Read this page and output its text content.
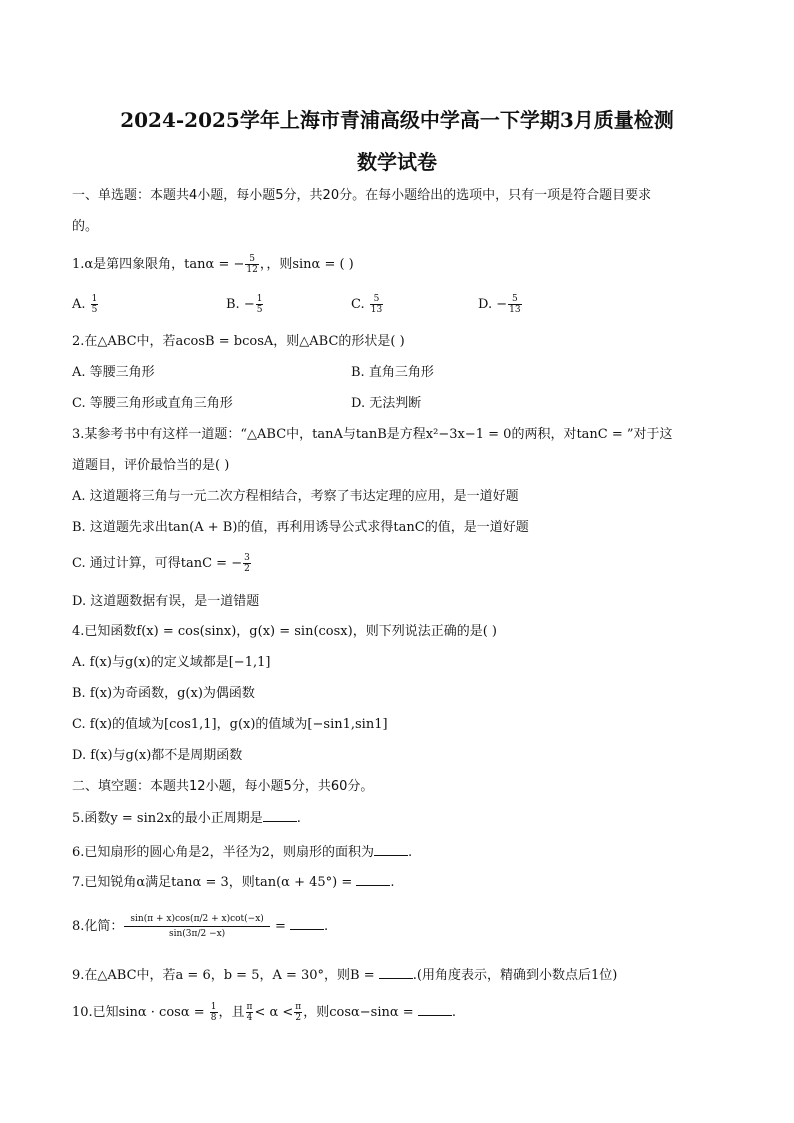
2024-2025学年上海市青浦高级中学高一下学期3月质量检测
数学试卷
一、单选题：本题共4小题，每小题5分，共20分。在每小题给出的选项中，只有一项是符合题目要求
的。
1.α是第四象限角，tanα = − $\frac{5}{12}$ ，，则sinα = ( )
A. $\frac{1}{5}$	B. − $\frac{1}{5}$	C. $\frac{5}{13}$	D. − $\frac{5}{13}$
2.在△ABC中，若acosB = bcosA，则△ABC的形状是( )
A. 等腰三角形	B. 直角三角形
C. 等腰三角形或直角三角形	D. 无法判断
3.某参考书中有这样一道题：“△ABC中，tanA与tanB是方程x²−3x−1 = 0的两积，对tanC = ”对于这
道题目，评价最恰当的是( )
A. 这道题将三角与一元二次方程相结合，考察了韦达定理的应用，是一道好题
B. 这道题先求出tan(A + B)的值，再利用诱导公式求得tanC的值，是一道好题
C. 通过计算，可得tanC = − $\frac{3}{2}$
D. 这道题数据有误，是一道错题
4.已知函数f(x) = cos(sinx)，g(x) = sin(cosx)，则下列说法正确的是( )
A. f(x)与g(x)的定义域都是[−1,1]
B. f(x)为奇函数，g(x)为偶函数
C. f(x)的值域为[cos1,1]，g(x)的值域为[−sin1,sin1]
D. f(x)与g(x)都不是周期函数
二、填空题：本题共12小题，每小题5分，共60分。
5.函数y = sin2x的最小正周期是	.
6.已知扇形的圆心角是2，半径为2，则扇形的面积为	.
7.已知锐角α满足tanα = 3，则tan(α + 45°) =	.
8.化简： $\frac{\sin(\pi + x)\cos(\pi/2 + x)\cot(-x)}{\sin(3\pi/2 -x)}$ =	.
9.在△ABC中，若a = 6，b = 5，A = 30°，则B =	.(用角度表示，精确到小数点后1位)
10.已知$\sin\alpha \cdot \cos\alpha = \frac{1}{8}$ ，且 $\frac{\pi}{4} < \alpha < \frac{\pi}{2}$ ，则cosα−sinα =	.
